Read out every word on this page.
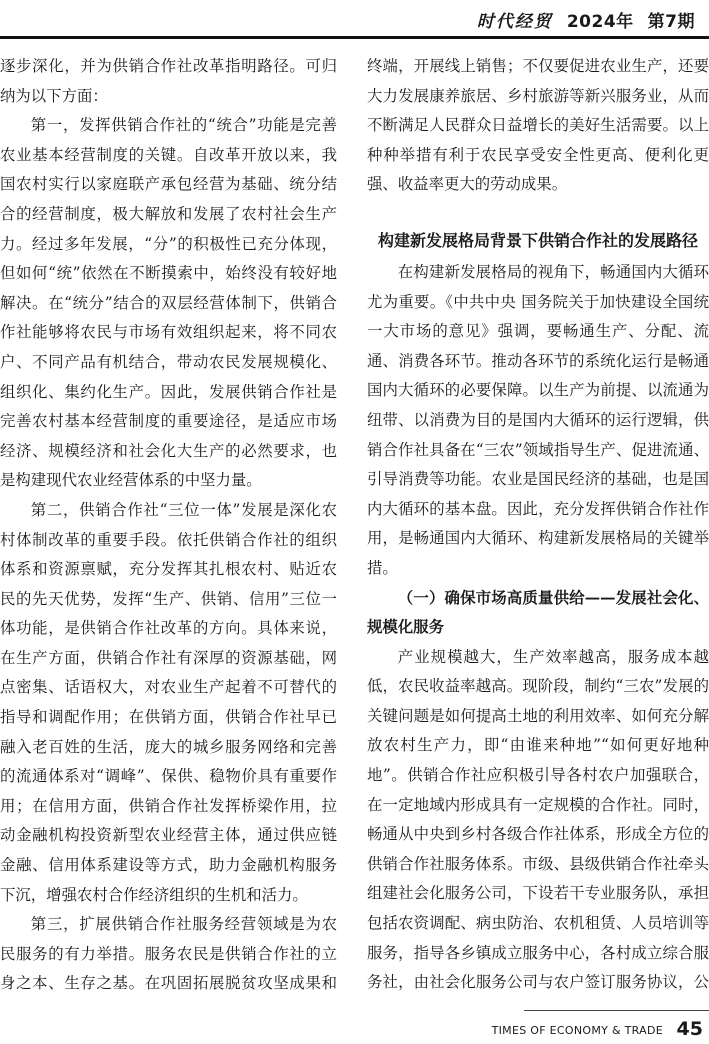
时代经贸 2024年 第7期

逐步深化，并为供销合作社改革指明路径。可归纳为以下方面：

第一，发挥供销合作社的“统合”功能是完善农业基本经营制度的关键。自改革开放以来，我国农村实行以家庭联产承包经营为基础、统分结合的经营制度，极大解放和发展了农村社会生产力。经过多年发展，“分”的积极性已充分体现，但如何“统”依然在不断摸索中，始终没有较好地解决。在“统分”结合的双层经营体制下，供销合作社能够将农民与市场有效组织起来，将不同农户、不同产品有机结合，带动农民发展规模化、组织化、集约化生产。因此，发展供销合作社是完善农村基本经营制度的重要途径，是适应市场经济、规模经济和社会化大生产的必然要求，也是构建现代农业经营体系的中坚力量。

第二，供销合作社“三位一体”发展是深化农村体制改革的重要手段。依托供销合作社的组织体系和资源禀赋，充分发挥其扎根农村、贴近农民的先天优势，发挥“生产、供销、信用”三位一体功能，是供销合作社改革的方向。具体来说，在生产方面，供销合作社有深厚的资源基础，网点密集、话语权大，对农业生产起着不可替代的指导和调配作用；在供销方面，供销合作社早已融入老百姓的生活，庞大的城乡服务网络和完善的流通体系对“调峰”、保供、稳物价具有重要作用；在信用方面，供销合作社发挥桥梁作用，拉动金融机构投资新型农业经营主体，通过供应链金融、信用体系建设等方式，助力金融机构服务下沉，增强农村合作经济组织的生机和活力。

第三，扩展供销合作社服务经营领域是为农民服务的有力举措。服务农民是供销合作社的立身之本、生存之基。在巩固拓展脱贫攻坚成果和

终端，开展线上销售；不仅要促进农业生产，还要大力发展康养旅居、乡村旅游等新兴服务业，从而不断满足人民群众日益增长的美好生活需要。以上种种举措有利于农民享受安全性更高、便利化更强、收益率更大的劳动成果。

构建新发展格局背景下供销合作社的发展路径

在构建新发展格局的视角下，畅通国内大循环尤为重要。《中共中央 国务院关于加快建设全国统一大市场的意见》强调，要畅通生产、分配、流通、消费各环节。推动各环节的系统化运行是畅通国内大循环的必要保障。以生产为前提、以流通为纽带、以消费为目的是国内大循环的运行逻辑，供销合作社具备在“三农”领域指导生产、促进流通、引导消费等功能。农业是国民经济的基础，也是国内大循环的基本盘。因此，充分发挥供销合作社作用，是畅通国内大循环、构建新发展格局的关键举措。

（一）确保市场高质量供给——发展社会化、规模化服务

产业规模越大，生产效率越高，服务成本越低，农民收益率越高。现阶段，制约“三农”发展的关键问题是如何提高土地的利用效率、如何充分解放农村生产力，即“由谁来种地”“如何更好地种地”。供销合作社应积极引导各村农户加强联合，在一定地域内形成具有一定规模的合作社。同时，畅通从中央到乡村各级合作社体系，形成全方位的供销合作社服务体系。市级、县级供销合作社牵头组建社会化服务公司，下设若干专业服务队，承担包括农资调配、病虫防治、农机租赁、人员培训等服务，指导各乡镇成立服务中心，各村成立综合服务社，由社会化服务公司与农户签订服务协议，公

TIMES OF ECONOMY & TRADE 45
